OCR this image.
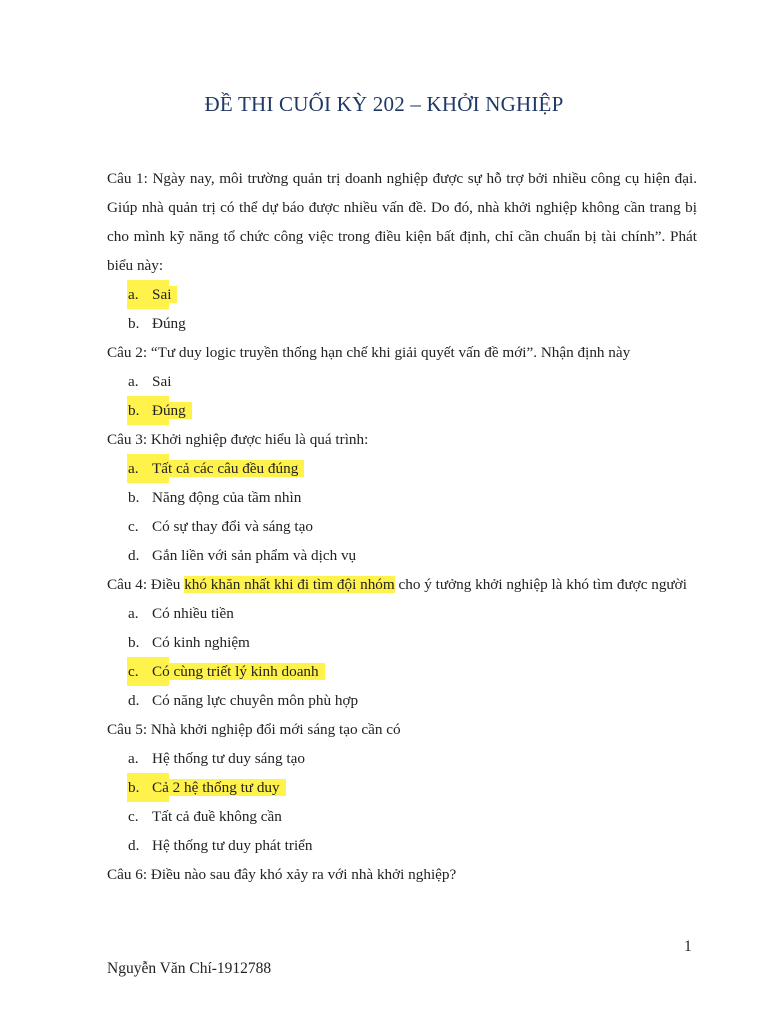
ĐỀ THI CUỐI KỲ 202 – KHỞI NGHIỆP
Câu 1: Ngày nay, môi trường quản trị doanh nghiệp được sự hỗ trợ bởi nhiều công cụ hiện đại. Giúp nhà quản trị có thể dự báo được nhiều vấn đề. Do đó, nhà khởi nghiệp không cần trang bị cho mình kỹ năng tổ chức công việc trong điều kiện bất định, chỉ cần chuẩn bị tài chính”. Phát biểu này:
a. Sai
b. Đúng
Câu 2: “Tư duy logic truyền thống hạn chế khi giải quyết vấn đề mới”. Nhận định này
a. Sai
b. Đúng
Câu 3: Khởi nghiệp được hiểu là quá trình:
a. Tất cả các câu đều đúng
b. Năng động của tầm nhìn
c. Có sự thay đổi và sáng tạo
d. Gắn liền với sản phẩm và dịch vụ
Câu 4: Điều khó khăn nhất khi đi tìm đội nhóm cho ý tưởng khởi nghiệp là khó tìm được người
a. Có nhiều tiền
b. Có kinh nghiệm
c. Có cùng triết lý kinh doanh
d. Có năng lực chuyên môn phù hợp
Câu 5: Nhà khởi nghiệp đổi mới sáng tạo cần có
a. Hệ thống tư duy sáng tạo
b. Cả 2 hệ thống tư duy
c. Tất cả đuề không cần
d. Hệ thống tư duy phát triển
Câu 6: Điều nào sau đây khó xảy ra với nhà khởi nghiệp?
1
Nguyễn Văn Chí-1912788
